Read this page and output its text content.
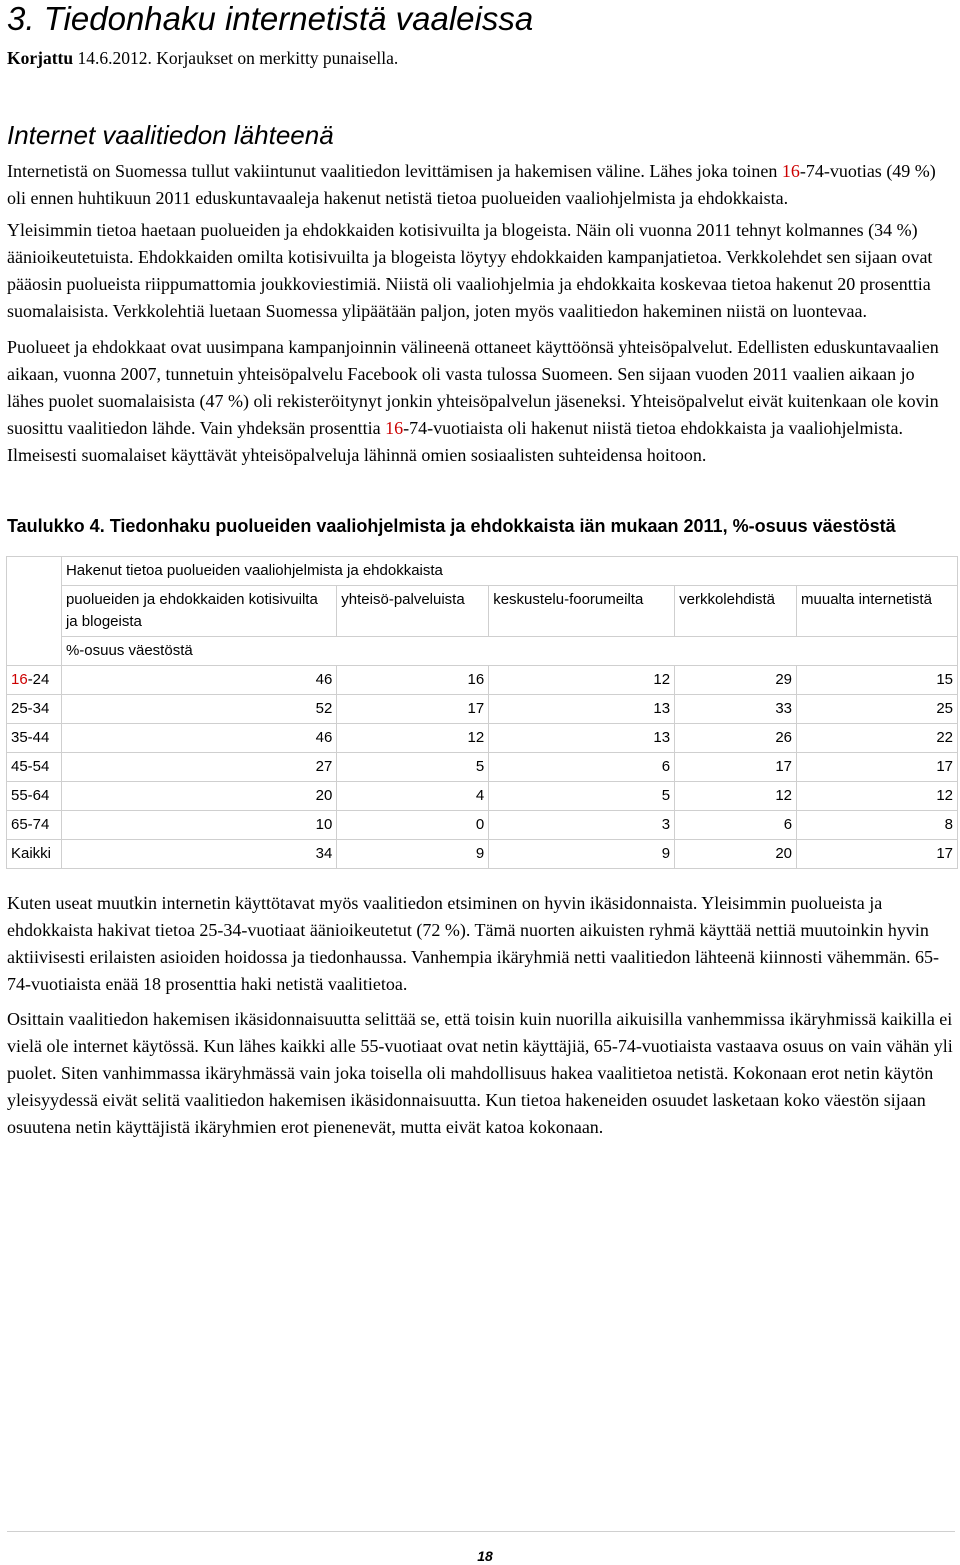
3. Tiedonhaku internetistä vaaleissa
Korjattu 14.6.2012. Korjaukset on merkitty punaisella.
Internet vaalitiedon lähteenä

Internetistä on Suomessa tullut vakiintunut vaalitiedon levittämisen ja hakemisen väline. Lähes joka toinen 16-74-vuotias (49 %) oli ennen huhtikuun 2011 eduskuntavaaleja hakenut netistä tietoa puolueiden vaaliohjelmista ja ehdokkaista.

Yleisimmin tietoa haetaan puolueiden ja ehdokkaiden kotisivuilta ja blogeista. Näin oli vuonna 2011 tehnyt kolmannes (34 %) äänioikeutetuista. Ehdokkaiden omilta kotisivuilta ja blogeista löytyy ehdokkaiden kampanjatietoa. Verkkolehdet sen sijaan ovat pääosin puolueista riippumattomia joukkoviestimiä. Niistä oli vaaliohjelmia ja ehdokkaita koskevaa tietoa hakenut 20 prosenttia suomalaisista. Verkkolehtiä luetaan Suomessa ylipäätään paljon, joten myös vaalitiedon hakeminen niistä on luontevaa.

Puolueet ja ehdokkaat ovat uusimpana kampanjoinnin välineenä ottaneet käyttöönsä yhteisöpalvelut. Edellisten eduskuntavaalien aikaan, vuonna 2007, tunnetuin yhteisöpalvelu Facebook oli vasta tulossa Suomeen. Sen sijaan vuoden 2011 vaalien aikaan jo lähes puolet suomalaisista (47 %) oli rekisteröitynyt jonkin yhteisöpalvelun jäseneksi. Yhteisöpalvelut eivät kuitenkaan ole kovin suosittu vaalitiedon lähde. Vain yhdeksän prosenttia 16-74-vuotiaista oli hakenut niistä tietoa ehdokkaista ja vaaliohjelmista. Ilmeisesti suomalaiset käyttävät yhteisöpalveluja lähinnä omien sosiaalisten suhteidensa hoitoon.

Taulukko 4. Tiedonhaku puolueiden vaaliohjelmista ja ehdokkaista iän mukaan 2011, %-osuus väestöstä
	Hakenut tietoa puolueiden vaaliohjelmista ja ehdokkaista				
	puolueiden ja ehdokkaiden kotisivuilta ja blogeista	yhteisö-palveluista	keskustelu-foorumeilta	verkkolehdistä	muualta internetistä
	%-osuus väestöstä				
16-24	46	16	12	29	15
25-34	52	17	13	33	25
35-44	46	12	13	26	22
45-54	27	5	6	17	17
55-64	20	4	5	12	12
65-74	10	0	3	6	8
Kaikki	34	9	9	20	17

Kuten useat muutkin internetin käyttötavat myös vaalitiedon etsiminen on hyvin ikäsidonnaista. Yleisimmin puolueista ja ehdokkaista hakivat tietoa 25-34-vuotiaat äänioikeutetut (72 %). Tämä nuorten aikuisten ryhmä käyttää nettiä muutoinkin hyvin aktiivisesti erilaisten asioiden hoidossa ja tiedonhaussa. Vanhempia ikäryhmiä netti vaalitiedon lähteenä kiinnosti vähemmän. 65-74-vuotiaista enää 18 prosenttia haki netistä vaalitietoa.

Osittain vaalitiedon hakemisen ikäsidonnaisuutta selittää se, että toisin kuin nuorilla aikuisilla vanhemmissa ikäryhmissä kaikilla ei vielä ole internet käytössä. Kun lähes kaikki alle 55-vuotiaat ovat netin käyttäjiä, 65-74-vuotiaista vastaava osuus on vain vähän yli puolet. Siten vanhimmassa ikäryhmässä vain joka toisella oli mahdollisuus hakea vaalitietoa netistä. Kokonaan erot netin käytön yleisyydessä eivät selitä vaalitiedon hakemisen ikäsidonnaisuutta. Kun tietoa hakeneiden osuudet lasketaan koko väestön sijaan osuutena netin käyttäjistä ikäryhmien erot pienenevät, mutta eivät katoa kokonaan.

18
